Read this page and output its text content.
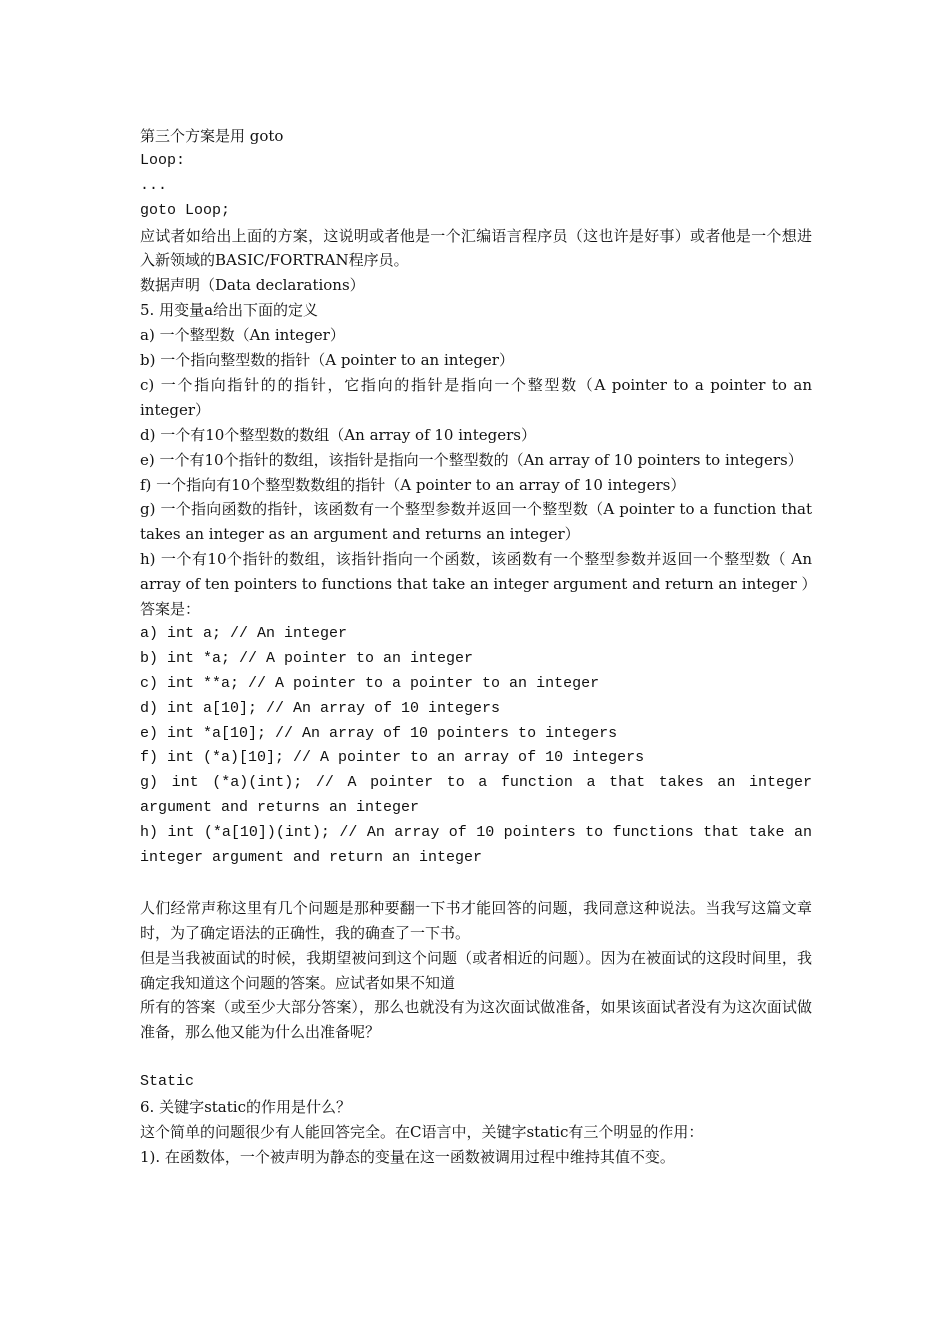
第三个方案是用 goto
Loop:
...
goto Loop;
应试者如给出上面的方案，这说明或者他是一个汇编语言程序员（这也许是好事）或者他是一个想进入新领域的BASIC/FORTRAN程序员。
数据声明（Data declarations）
5. 用变量a给出下面的定义
a) 一个整型数（An integer）
b) 一个指向整型数的指针（A pointer to an integer）
c) 一个指向指针的的指针，它指向的指针是指向一个整型数（A pointer to a pointer to an integer）
d) 一个有10个整型数的数组（An array of 10 integers）
e) 一个有10个指针的数组，该指针是指向一个整型数的（An array of 10 pointers to integers）
f) 一个指向有10个整型数数组的指针（A pointer to an array of 10 integers）
g) 一个指向函数的指针，该函数有一个整型参数并返回一个整型数（A pointer to a function that takes an integer as an argument and returns an integer）
h) 一个有10个指针的数组，该指针指向一个函数，该函数有一个整型参数并返回一个整型数（ An array of ten pointers to functions that take an integer argument and return an integer ）
答案是：
a) int a; // An integer
b) int *a; // A pointer to an integer
c) int **a; // A pointer to a pointer to an integer
d) int a[10]; // An array of 10 integers
e) int *a[10]; // An array of 10 pointers to integers
f) int (*a)[10]; // A pointer to an array of 10 integers
g) int (*a)(int); // A pointer to a function a that takes an integer argument and returns an integer
h) int (*a[10])(int); // An array of 10 pointers to functions that take an integer argument and return an integer
人们经常声称这里有几个问题是那种要翻一下书才能回答的问题，我同意这种说法。当我写这篇文章时，为了确定语法的正确性，我的确查了一下书。
但是当我被面试的时候，我期望被问到这个问题（或者相近的问题）。因为在被面试的这段时间里，我确定我知道这个问题的答案。应试者如果不知道
所有的答案（或至少大部分答案），那么也就没有为这次面试做准备，如果该面试者没有为这次面试做准备，那么他又能为什么出准备呢？
Static
6. 关键字static的作用是什么？
这个简单的问题很少有人能回答完全。在C语言中，关键字static有三个明显的作用：
1). 在函数体，一个被声明为静态的变量在这一函数被调用过程中维持其值不变。
